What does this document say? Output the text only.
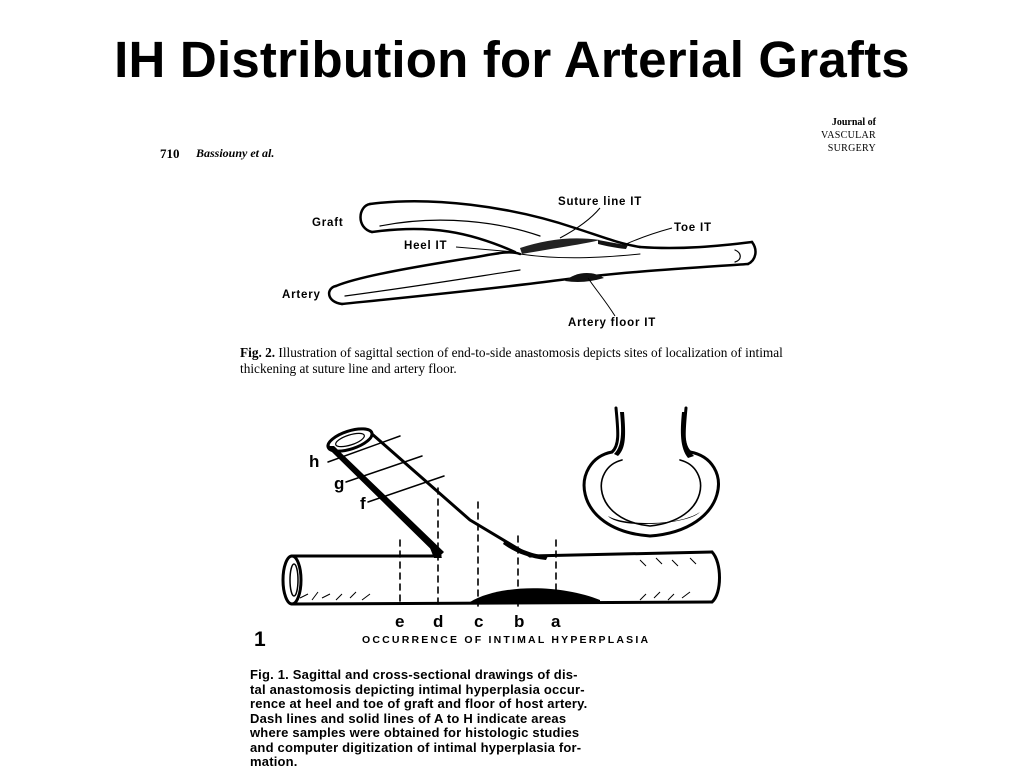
IH Distribution for Arterial Grafts
710 Bassiouny et al.
Journal of
VASCULAR
SURGERY
Graft
Heel IT
Suture line IT
Toe IT
Artery
Artery floor IT
Fig. 2. Illustration of sagittal section of end-to-side anastomosis depicts sites of localization of intimal thickening at suture line and artery floor.
h
g
f
e d c b a
1	OCCURRENCE OF INTIMAL HYPERPLASIA
Fig. 1. Sagittal and cross-sectional drawings of dis-
tal anastomosis depicting intimal hyperplasia occur-
rence at heel and toe of graft and floor of host artery.
Dash lines and solid lines of A to H indicate areas
where samples were obtained for histologic studies
and computer digitization of intimal hyperplasia for-
mation.
